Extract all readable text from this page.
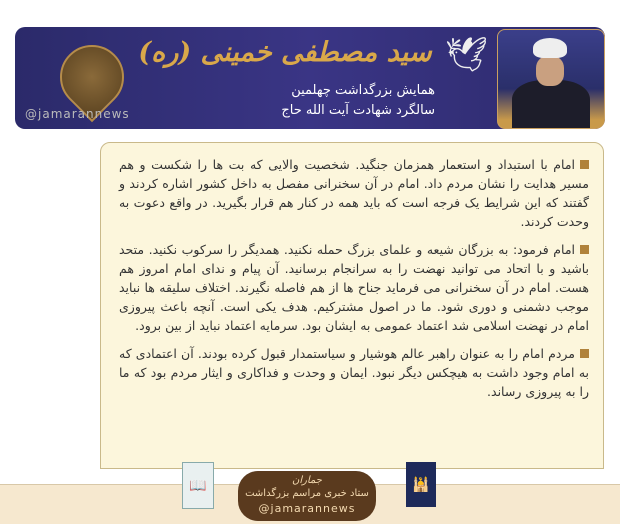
سید مصطفی خمینی (ره) 🕊
همایش بزرگداشت چهلمین
سالگرد شهادت آیت الله حاج
@jamarannews

امام با استبداد و استعمار همزمان جنگید. شخصیت والایی که بت ها را شکست و هم مسیر هدایت را نشان مردم داد. امام در آن سخنرانی مفصل به داخل کشور اشاره کردند و گفتند که این شرایط یک فرجه است که باید همه در کنار هم قرار بگیرید. در واقع دعوت به وحدت کردند.

امام فرمود: به بزرگان شیعه و علمای بزرگ حمله نکنید. همدیگر را سرکوب نکنید. متحد باشید و با اتحاد می توانید نهضت را به سرانجام برسانید. آن پیام و ندای امام امروز هم هست. امام در آن سخنرانی می فرماید جناح ها از هم فاصله نگیرند. اختلاف سلیقه ها نباید موجب دشمنی و دوری شود. ما در اصول مشترکیم. هدف یکی است. آنچه باعث پیروزی امام در نهضت اسلامی شد اعتماد عمومی به ایشان بود. سرمایه اعتماد نباید از بین برود.

مردم امام را به عنوان راهبر عالم هوشیار و سیاستمدار قبول کرده بودند. آن اعتمادی که به امام وجود داشت به هیچکس دیگر نبود. ایمان و وحدت و فداکاری و ایثار مردم بود که ما را به پیروزی رساند.

📖	جماران
ستاد خبری مراسم بزرگداشت
@jamarannews
🕌
